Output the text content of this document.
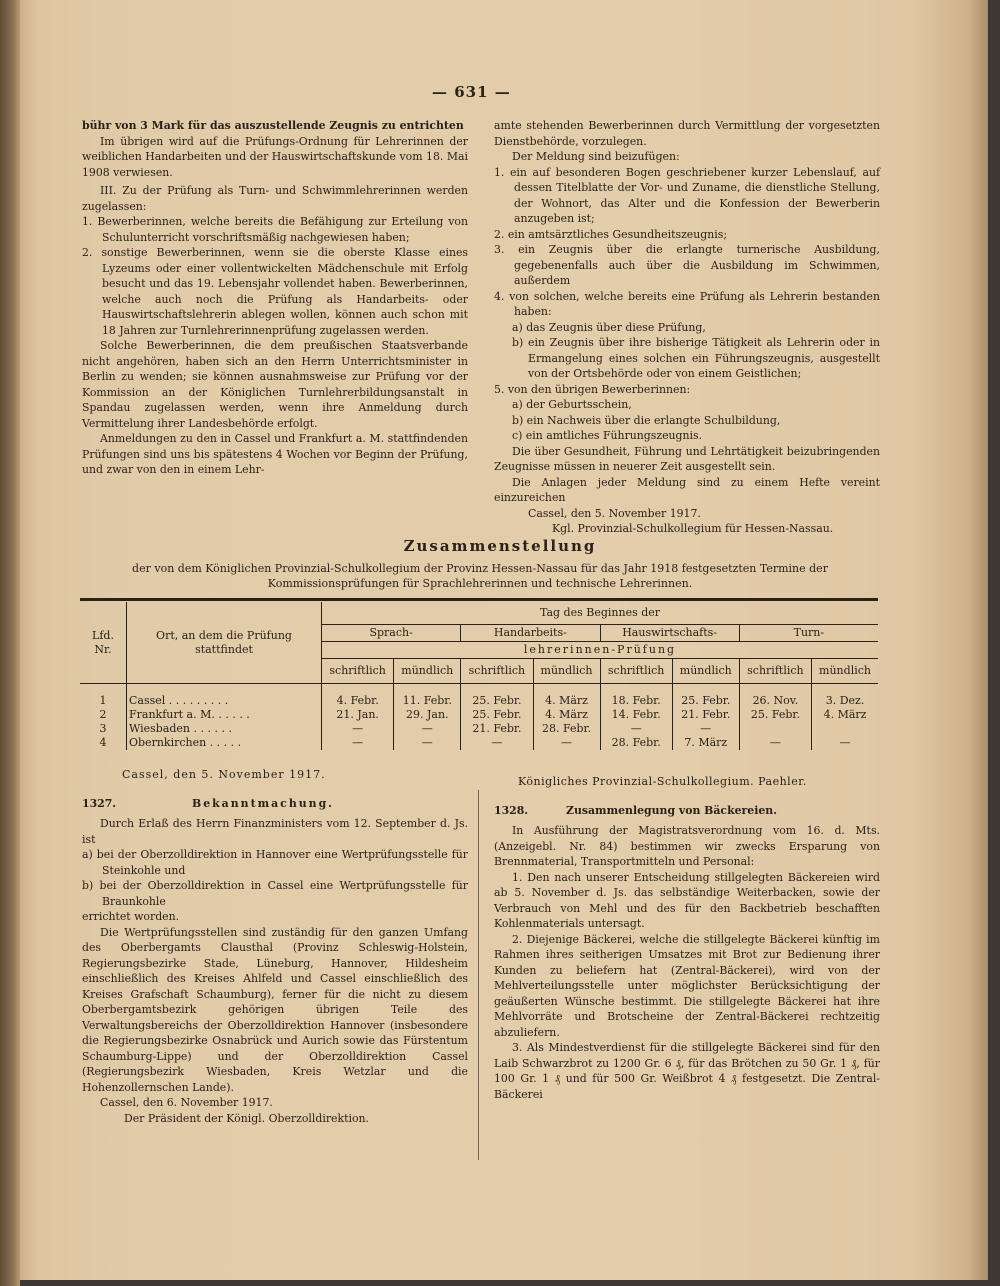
— 631 —

bühr von 3 Mark für das auszustellende Zeugnis zu entrichten

Im übrigen wird auf die Prüfungs-Ordnung für Lehrerinnen der weiblichen Handarbeiten und der Hauswirtschaftskunde vom 18. Mai 1908 verwiesen.

III. Zu der Prüfung als Turn- und Schwimmlehrerinnen werden zugelassen:

1. Bewerberinnen, welche bereits die Befähigung zur Erteilung von Schulunterricht vorschriftsmäßig nachgewiesen haben;

2. sonstige Bewerberinnen, wenn sie die oberste Klasse eines Lyzeums oder einer vollentwickelten Mädchenschule mit Erfolg besucht und das 19. Lebensjahr vollendet haben. Bewerberinnen, welche auch noch die Prüfung als Handarbeits- oder Hauswirtschaftslehrerin ablegen wollen, können auch schon mit 18 Jahren zur Turnlehrerinnenprüfung zugelassen werden.

Solche Bewerberinnen, die dem preußischen Staatsverbande nicht angehören, haben sich an den Herrn Unterrichtsminister in Berlin zu wenden; sie können ausnahmsweise zur Prüfung vor der Kommission an der Königlichen Turnlehrerbildungsanstalt in Spandau zugelassen werden, wenn ihre Anmeldung durch Vermittelung ihrer Landesbehörde erfolgt.

Anmeldungen zu den in Cassel und Frankfurt a. M. stattfindenden Prüfungen sind uns bis spätestens 4 Wochen vor Beginn der Prüfung, und zwar von den in einem Lehr-

amte stehenden Bewerberinnen durch Vermittlung der vorgesetzten Dienstbehörde, vorzulegen.

Der Meldung sind beizufügen:

1. ein auf besonderen Bogen geschriebener kurzer Lebenslauf, auf dessen Titelblatte der Vor- und Zuname, die dienstliche Stellung, der Wohnort, das Alter und die Konfession der Bewerberin anzugeben ist;

2. ein amtsärztliches Gesundheitszeugnis;

3. ein Zeugnis über die erlangte turnerische Ausbildung, gegebenenfalls auch über die Ausbildung im Schwimmen, außerdem

4. von solchen, welche bereits eine Prüfung als Lehrerin bestanden haben:

a) das Zeugnis über diese Prüfung,

b) ein Zeugnis über ihre bisherige Tätigkeit als Lehrerin oder in Ermangelung eines solchen ein Führungszeugnis, ausgestellt von der Ortsbehörde oder von einem Geistlichen;

5. von den übrigen Bewerberinnen:

a) der Geburtsschein,

b) ein Nachweis über die erlangte Schulbildung,

c) ein amtliches Führungszeugnis.

Die über Gesundheit, Führung und Lehrtätigkeit beizubringenden Zeugnisse müssen in neuerer Zeit ausgestellt sein.

Die Anlagen jeder Meldung sind zu einem Hefte vereint einzureichen

Cassel, den 5. November 1917.

Kgl. Provinzial-Schulkollegium für Hessen-Nassau.

Zusammenstellung
der von dem Königlichen Provinzial-Schulkollegium der Provinz Hessen-Nassau für das Jahr 1918 festgesetzten Termine der Kommissionsprüfungen für Sprachlehrerinnen und technische Lehrerinnen.
Lfd. Nr.	Ort, an dem die Prüfung stattfindet	Tag des Beginnes der							
		Sprach-		Handarbeits-		Hauswirtschafts-		Turn-	
		lehrerinnen-Prüfung							
		schriftlich	mündlich	schriftlich	mündlich	schriftlich	mündlich	schriftlich	mündlich
1	Cassel . . . . . . . . .	4. Febr.	11. Febr.	25. Febr.	4. März	18. Febr.	25. Febr.	26. Nov.	3. Dez.
2	Frankfurt a. M. . . . . .	21. Jan.	29. Jan.	25. Febr.	4. März	14. Febr.	21. Febr.	25. Febr.	4. März
3	Wiesbaden . . . . . .	—	—	21. Febr.	28. Febr.	—	—		
4	Obernkirchen . . . . .	—	—	—	—	28. Febr.	7. März	—	—
Cassel, den 5. November 1917.
Königliches Provinzial-Schulkollegium. Paehler.

1327.	Bekanntmachung.

Durch Erlaß des Herrn Finanzministers vom 12. September d. Js. ist

a) bei der Oberzolldirektion in Hannover eine Wertprüfungsstelle für Steinkohle und

b) bei der Oberzolldirektion in Cassel eine Wertprüfungsstelle für Braunkohle

errichtet worden.

Die Wertprüfungsstellen sind zuständig für den ganzen Umfang des Oberbergamts Clausthal (Provinz Schleswig-Holstein, Regierungsbezirke Stade, Lüneburg, Hannover, Hildesheim einschließlich des Kreises Ahlfeld und Cassel einschließlich des Kreises Grafschaft Schaumburg), ferner für die nicht zu diesem Oberbergamtsbezirk gehörigen übrigen Teile des Verwaltungsbereichs der Oberzolldirektion Hannover (insbesondere die Regierungsbezirke Osnabrück und Aurich sowie das Fürstentum Schaumburg-Lippe) und der Oberzolldirektion Cassel (Regierungsbezirk Wiesbaden, Kreis Wetzlar und die Hohenzollernschen Lande).

Cassel, den 6. November 1917.

Der Präsident der Königl. Oberzolldirektion.

1328.	Zusammenlegung von Bäckereien.

In Ausführung der Magistratsverordnung vom 16. d. Mts. (Anzeigebl. Nr. 84) bestimmen wir zwecks Ersparung von Brennmaterial, Transportmitteln und Personal:

1. Den nach unserer Entscheidung stillgelegten Bäckereien wird ab 5. November d. Js. das selbständige Weiterbacken, sowie der Verbrauch von Mehl und des für den Backbetrieb beschafften Kohlenmaterials untersagt.

2. Diejenige Bäckerei, welche die stillgelegte Bäckerei künftig im Rahmen ihres seitherigen Umsatzes mit Brot zur Bedienung ihrer Kunden zu beliefern hat (Zentral-Bäckerei), wird von der Mehlverteilungsstelle unter möglichster Berücksichtigung der geäußerten Wünsche bestimmt. Die stillgelegte Bäckerei hat ihre Mehlvorräte und Brotscheine der Zentral-Bäckerei rechtzeitig abzuliefern.

3. Als Mindestverdienst für die stillgelegte Bäckerei sind für den Laib Schwarzbrot zu 1200 Gr. 6 ₰, für das Brötchen zu 50 Gr. 1 ₰, für 100 Gr. 1 ₰ und für 500 Gr. Weißbrot 4 ₰ festgesetzt. Die Zentral-Bäckerei
